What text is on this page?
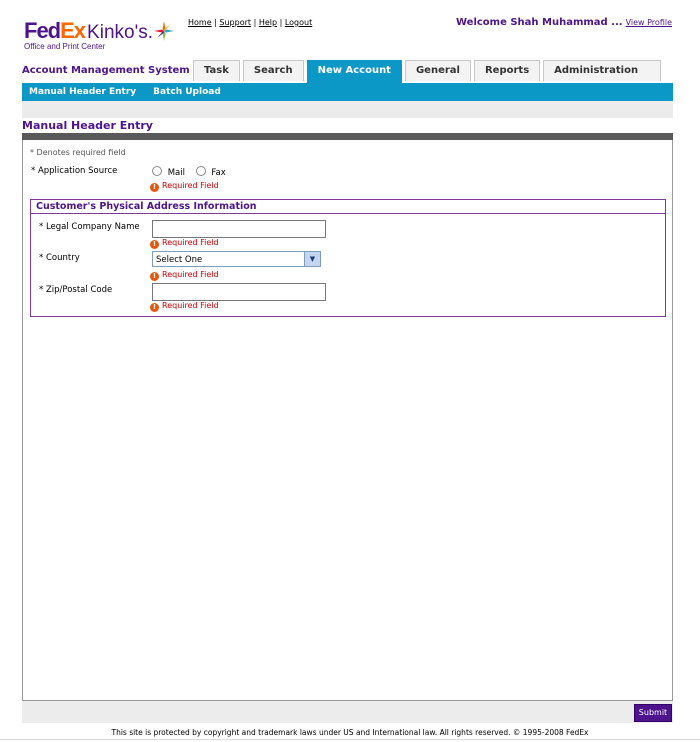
FedEx Kinko's.
Office and Print Center
Home | Support | Help | Logout	Welcome Shah Muhammad ... View Profile
Account Management System	Task	Search	New Account	General	Reports	Administration
Manual Header Entry Batch Upload
Manual Header Entry
* Denotes required field
* Application Source	Mail	Fax
! Required Field
Customer's Physical Address Information
* Legal Company Name
! Required Field
* Country	Select One	▼
! Required Field
* Zip/Postal Code
! Required Field
Submit
This site is protected by copyright and trademark laws under US and International law. All rights reserved. © 1995-2008 FedEx
